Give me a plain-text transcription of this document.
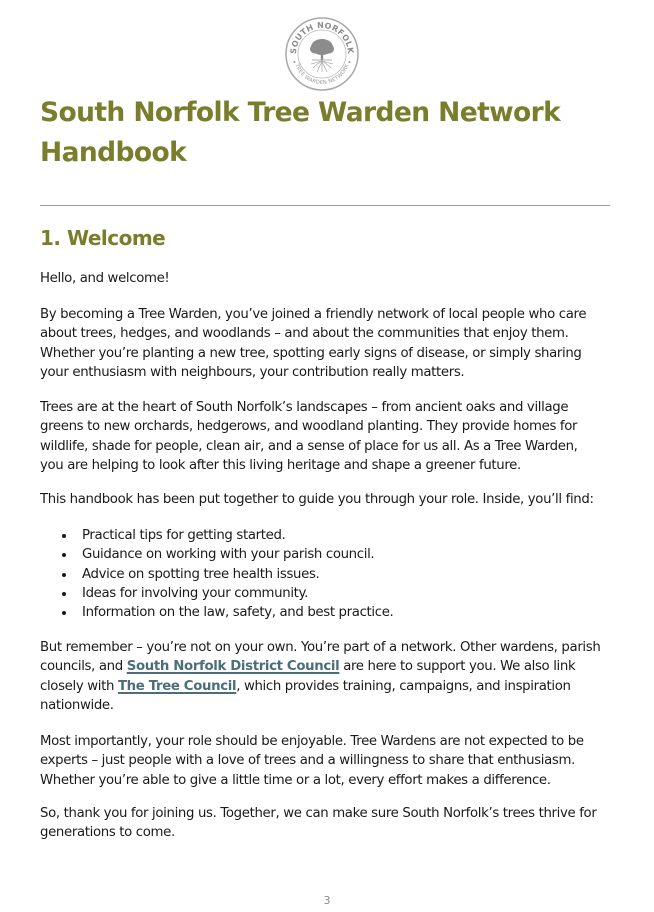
SOUTH NORFOLK
TREE WARDEN NETWORK
South Norfolk Tree Warden Network
Handbook
1. Welcome

Hello, and welcome!

By becoming a Tree Warden, you’ve joined a friendly network of local people who care
about trees, hedges, and woodlands – and about the communities that enjoy them.
Whether you’re planting a new tree, spotting early signs of disease, or simply sharing
your enthusiasm with neighbours, your contribution really matters.

Trees are at the heart of South Norfolk’s landscapes – from ancient oaks and village
greens to new orchards, hedgerows, and woodland planting. They provide homes for
wildlife, shade for people, clean air, and a sense of place for us all. As a Tree Warden,
you are helping to look after this living heritage and shape a greener future.

This handbook has been put together to guide you through your role. Inside, you’ll find:

Practical tips for getting started.
Guidance on working with your parish council.
Advice on spotting tree health issues.
Ideas for involving your community.
Information on the law, safety, and best practice.

But remember – you’re not on your own. You’re part of a network. Other wardens, parish
councils, and South Norfolk District Council are here to support you. We also link
closely with The Tree Council, which provides training, campaigns, and inspiration
nationwide.

Most importantly, your role should be enjoyable. Tree Wardens are not expected to be
experts – just people with a love of trees and a willingness to share that enthusiasm.
Whether you’re able to give a little time or a lot, every effort makes a difference.

So, thank you for joining us. Together, we can make sure South Norfolk’s trees thrive for
generations to come.

3
